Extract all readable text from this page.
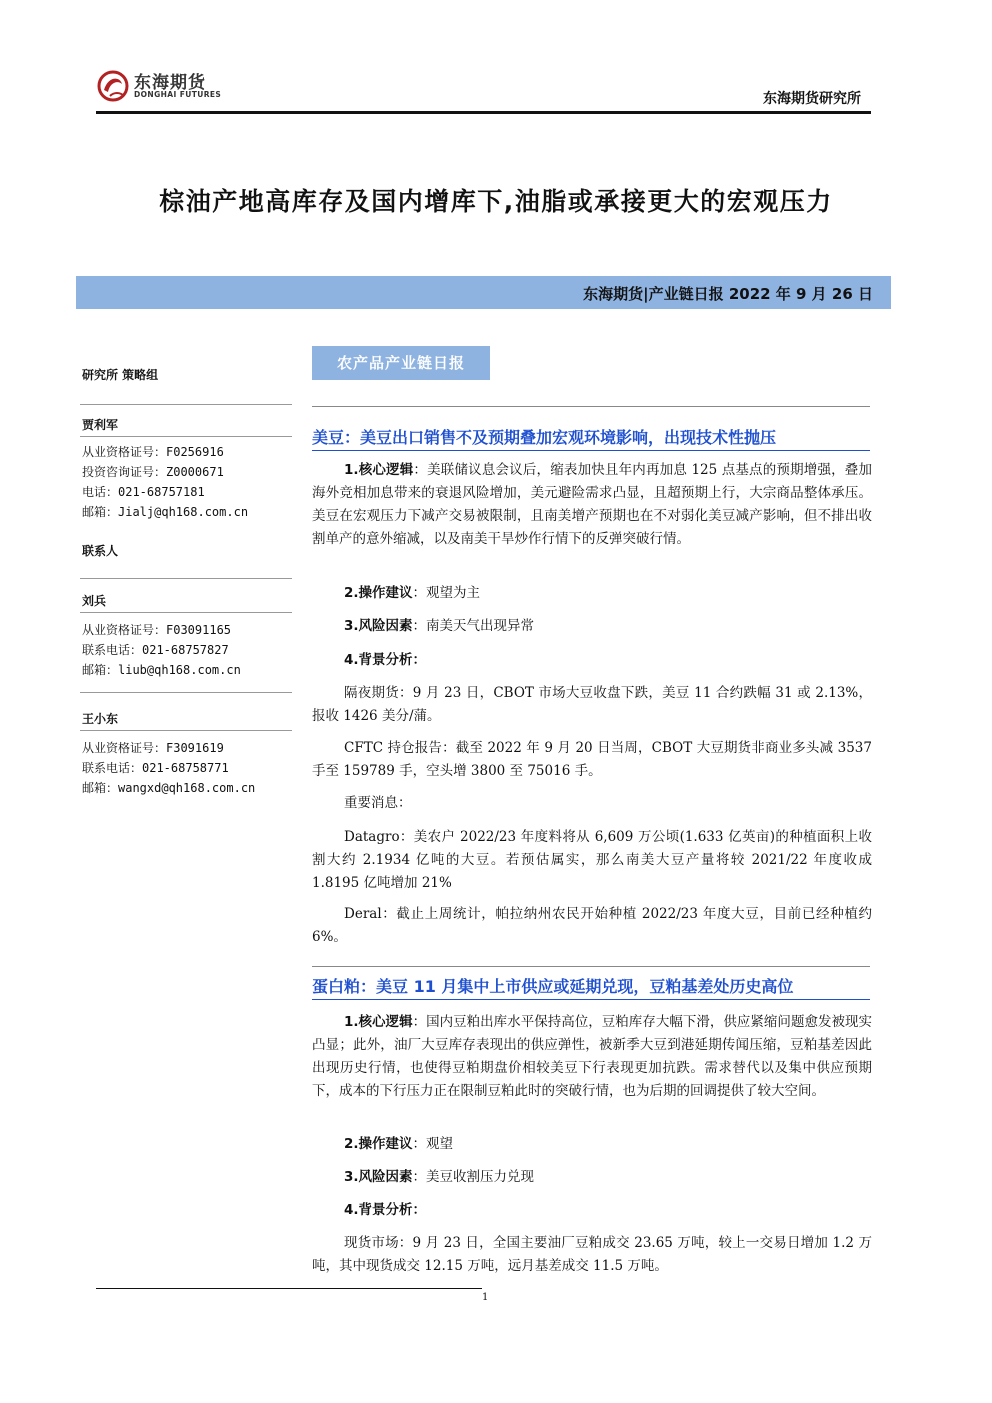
东海期货
DONGHAI FUTURES	东海期货研究所
棕油产地高库存及国内增库下,油脂或承接更大的宏观压力
东海期货|产业链日报 2022 年 9 月 26 日
研究所 策略组
贾利军
从业资格证号：F0256916
投资咨询证号：Z0000671
电话：021-68757181
邮箱：Jialj@qh168.com.cn
联系人
刘兵
从业资格证号：F03091165
联系电话：021-68757827
邮箱：liub@qh168.com.cn
王小东
从业资格证号：F3091619
联系电话：021-68758771
邮箱：wangxd@qh168.com.cn
农产品产业链日报
美豆：美豆出口销售不及预期叠加宏观环境影响，出现技术性抛压

1.核心逻辑：美联储议息会议后，缩表加快且年内再加息 125 点基点的预期增强，叠加海外竞相加息带来的衰退风险增加，美元避险需求凸显，且超预期上行，大宗商品整体承压。美豆在宏观压力下减产交易被限制，且南美增产预期也在不对弱化美豆减产影响，但不排出收割单产的意外缩减，以及南美干旱炒作行情下的反弹突破行情。

2.操作建议：观望为主

3.风险因素：南美天气出现异常

4.背景分析：

隔夜期货：9 月 23 日，CBOT 市场大豆收盘下跌，美豆 11 合约跌幅 31 或 2.13%，报收 1426 美分/蒲。

CFTC 持仓报告：截至 2022 年 9 月 20 日当周，CBOT 大豆期货非商业多头减 3537 手至 159789 手，空头增 3800 至 75016 手。

重要消息：

Datagro：美农户 2022/23 年度料将从 6,609 万公顷(1.633 亿英亩)的种植面积上收割大约 2.1934 亿吨的大豆。若预估属实，那么南美大豆产量将较 2021/22 年度收成 1.8195 亿吨增加 21%

Deral：截止上周统计，帕拉纳州农民开始种植 2022/23 年度大豆，目前已经种植约 6%。

蛋白粕：美豆 11 月集中上市供应或延期兑现，豆粕基差处历史高位

1.核心逻辑：国内豆粕出库水平保持高位，豆粕库存大幅下滑，供应紧缩问题愈发被现实凸显；此外，油厂大豆库存表现出的供应弹性，被新季大豆到港延期传闻压缩，豆粕基差因此出现历史行情，也使得豆粕期盘价相较美豆下行表现更加抗跌。需求替代以及集中供应预期下，成本的下行压力正在限制豆粕此时的突破行情，也为后期的回调提供了较大空间。

2.操作建议：观望

3.风险因素：美豆收割压力兑现

4.背景分析：

现货市场：9 月 23 日，全国主要油厂豆粕成交 23.65 万吨，较上一交易日增加 1.2 万吨，其中现货成交 12.15 万吨，远月基差成交 11.5 万吨。

1
